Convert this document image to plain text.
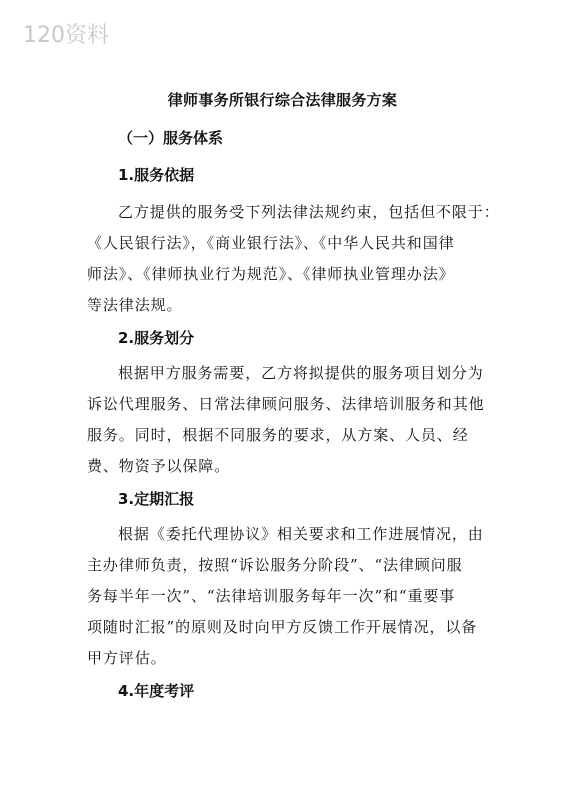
120资料
律师事务所银行综合法律服务方案
（一）服务体系
1.服务依据
乙方提供的服务受下列法律法规约束，包括但不限于：
《人民银行法》，《商业银行法》、《中华人民共和国律
师法》、《律师执业行为规范》、《律师执业管理办法》
等法律法规。
2.服务划分
根据甲方服务需要，乙方将拟提供的服务项目划分为
诉讼代理服务、日常法律顾问服务、法律培训服务和其他
服务。同时，根据不同服务的要求，从方案、人员、经
费、物资予以保障。
3.定期汇报
根据《委托代理协议》相关要求和工作进展情况，由
主办律师负责，按照“诉讼服务分阶段”、“法律顾问服
务每半年一次”、“法律培训服务每年一次”和“重要事
项随时汇报”的原则及时向甲方反馈工作开展情况，以备
甲方评估。
4.年度考评
